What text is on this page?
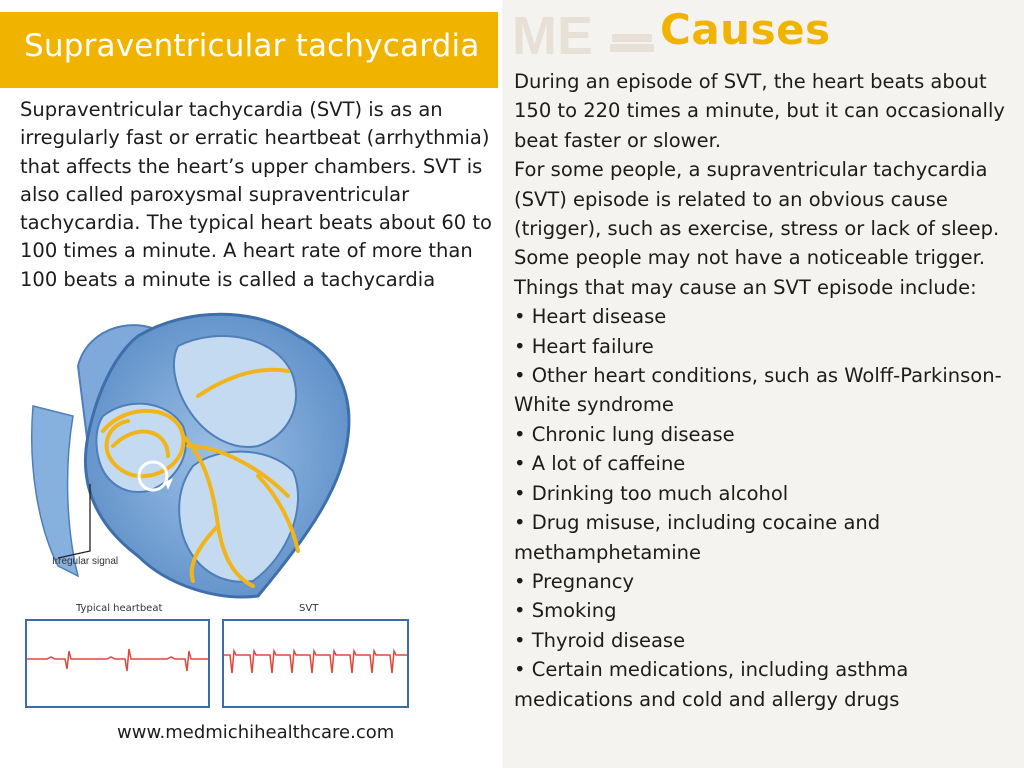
Supraventricular tachycardia

Supraventricular tachycardia (SVT) is as an irregularly fast or erratic heartbeat (arrhythmia) that affects the heart’s upper chambers. SVT is also called paroxysmal supraventricular tachycardia. The typical heart beats about 60 to 100 times a minute. A heart rate of more than 100 beats a minute is called a tachycardia

Irregular signal
Typical heartbeat	SVT
www.medmichihealthcare.com
ME Causes

During an episode of SVT, the heart beats about 150 to 220 times a minute, but it can occasionally beat faster or slower.

For some people, a supraventricular tachycardia (SVT) episode is related to an obvious cause (trigger), such as exercise, stress or lack of sleep. Some people may not have a noticeable trigger.

Things that may cause an SVT episode include:

• Heart disease
• Heart failure
• Other heart conditions, such as Wolff-Parkinson-White syndrome
• Chronic lung disease
• A lot of caffeine
• Drinking too much alcohol
• Drug misuse, including cocaine and methamphetamine
• Pregnancy
• Smoking
• Thyroid disease
• Certain medications, including asthma medications and cold and allergy drugs
